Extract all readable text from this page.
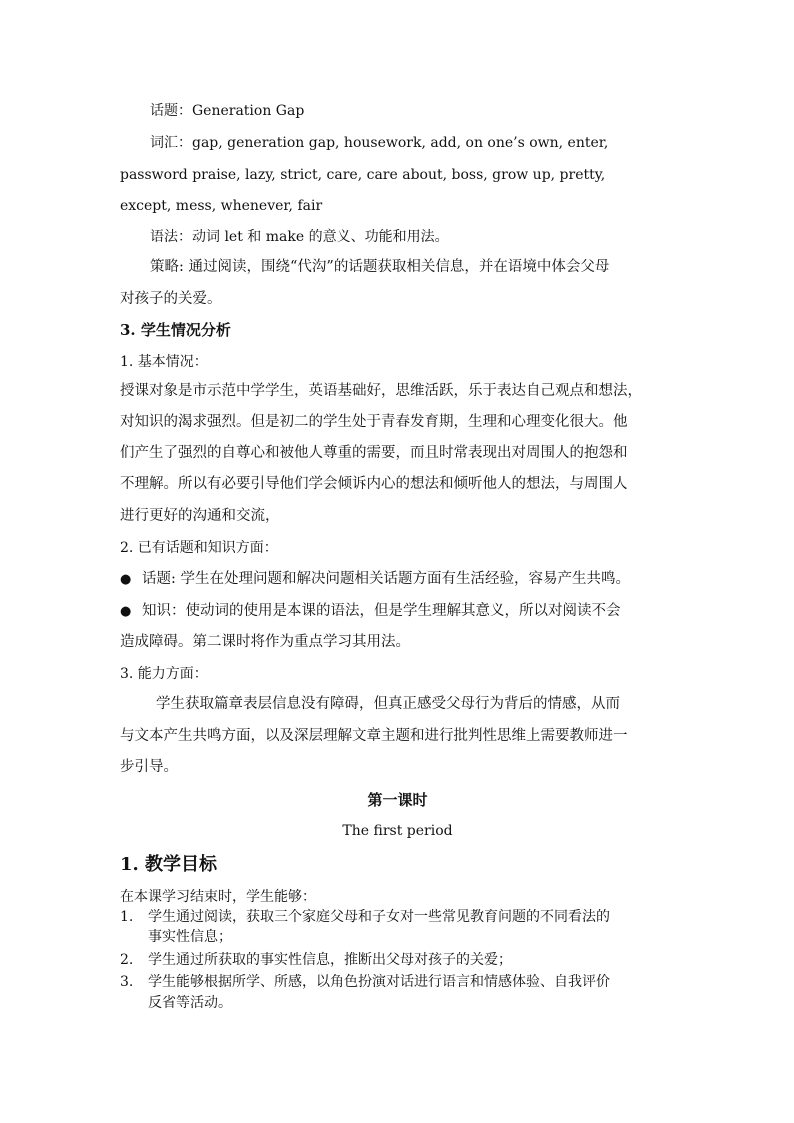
话题：Generation Gap
词汇：gap, generation gap, housework, add, on one’s own, enter,
password praise, lazy, strict, care, care about, boss, grow up, pretty,
except, mess, whenever, fair
语法：动词 let 和 make 的意义、功能和用法。
策略: 通过阅读，围绕“代沟”的话题获取相关信息，并在语境中体会父母
对孩子的关爱。
3. 学生情况分析
1. 基本情况：
授课对象是市示范中学学生，英语基础好，思维活跃，乐于表达自己观点和想法，
对知识的渴求强烈。但是初二的学生处于青春发育期，生理和心理变化很大。他
们产生了强烈的自尊心和被他人尊重的需要，而且时常表现出对周围人的抱怨和
不理解。所以有必要引导他们学会倾诉内心的想法和倾听他人的想法，与周围人
进行更好的沟通和交流，
2. 已有话题和知识方面：
● 话题: 学生在处理问题和解决问题相关话题方面有生活经验，容易产生共鸣。
● 知识：使动词的使用是本课的语法，但是学生理解其意义，所以对阅读不会
造成障碍。第二课时将作为重点学习其用法。
3. 能力方面：
学生获取篇章表层信息没有障碍，但真正感受父母行为背后的情感，从而
与文本产生共鸣方面，以及深层理解文章主题和进行批判性思维上需要教师进一
步引导。
第一课时
The first period
1. 教学目标
在本课学习结束时，学生能够：
1. 学生通过阅读，获取三个家庭父母和子女对一些常见教育问题的不同看法的
事实性信息；
2. 学生通过所获取的事实性信息，推断出父母对孩子的关爱；
3. 学生能够根据所学、所感，以角色扮演对话进行语言和情感体验、自我评价
反省等活动。
